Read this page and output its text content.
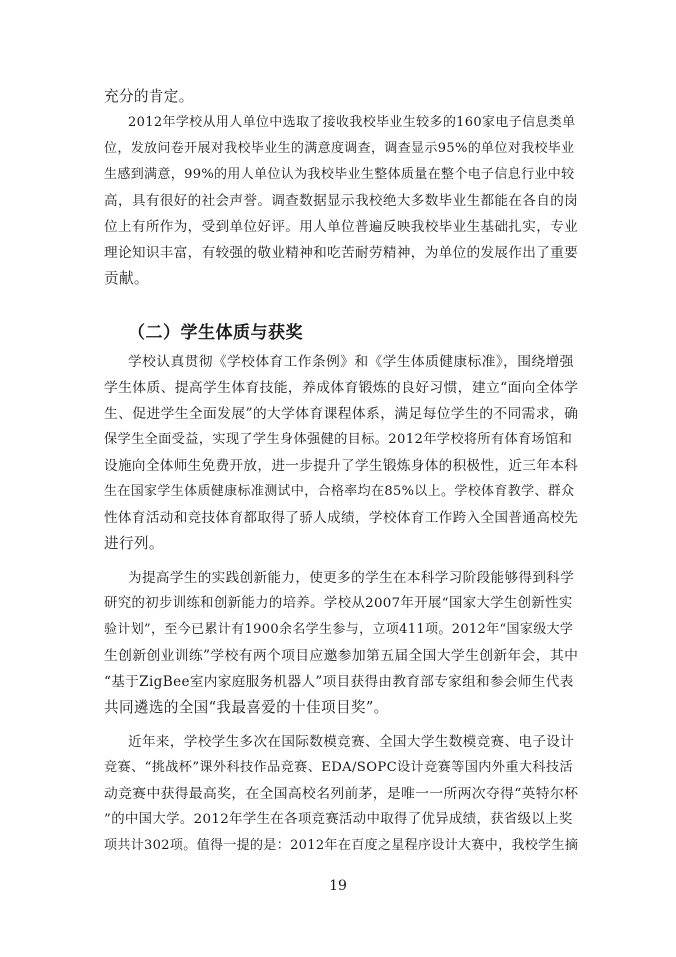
充分的肯定。
2012年学校从用人单位中选取了接收我校毕业生较多的160家电子信息类单
位，发放问卷开展对我校毕业生的满意度调查，调查显示95%的单位对我校毕业
生感到满意，99%的用人单位认为我校毕业生整体质量在整个电子信息行业中较
高，具有很好的社会声誉。调查数据显示我校绝大多数毕业生都能在各自的岗
位上有所作为，受到单位好评。用人单位普遍反映我校毕业生基础扎实，专业
理论知识丰富，有较强的敬业精神和吃苦耐劳精神，为单位的发展作出了重要
贡献。
（二）学生体质与获奖
学校认真贯彻《学校体育工作条例》和《学生体质健康标准》，围绕增强
学生体质、提高学生体育技能，养成体育锻炼的良好习惯，建立“面向全体学
生、促进学生全面发展”的大学体育课程体系，满足每位学生的不同需求，确
保学生全面受益，实现了学生身体强健的目标。2012年学校将所有体育场馆和
设施向全体师生免费开放，进一步提升了学生锻炼身体的积极性，近三年本科
生在国家学生体质健康标准测试中，合格率均在85%以上。学校体育教学、群众
性体育活动和竞技体育都取得了骄人成绩，学校体育工作跨入全国普通高校先
进行列。
为提高学生的实践创新能力，使更多的学生在本科学习阶段能够得到科学
研究的初步训练和创新能力的培养。学校从2007年开展“国家大学生创新性实
验计划”，至今已累计有1900余名学生参与，立项411项。2012年“国家级大学
生创新创业训练”学校有两个项目应邀参加第五届全国大学生创新年会，其中
“基于ZigBee室内家庭服务机器人”项目获得由教育部专家组和参会师生代表
共同遴选的全国“我最喜爱的十佳项目奖”。
近年来，学校学生多次在国际数模竞赛、全国大学生数模竞赛、电子设计
竞赛、“挑战杯”课外科技作品竞赛、EDA/SOPC设计竞赛等国内外重大科技活
动竞赛中获得最高奖，在全国高校名列前茅，是唯一一所两次夺得“英特尔杯
”的中国大学。2012年学生在各项竞赛活动中取得了优异成绩，获省级以上奖
项共计302项。值得一提的是：2012年在百度之星程序设计大赛中，我校学生摘
19
